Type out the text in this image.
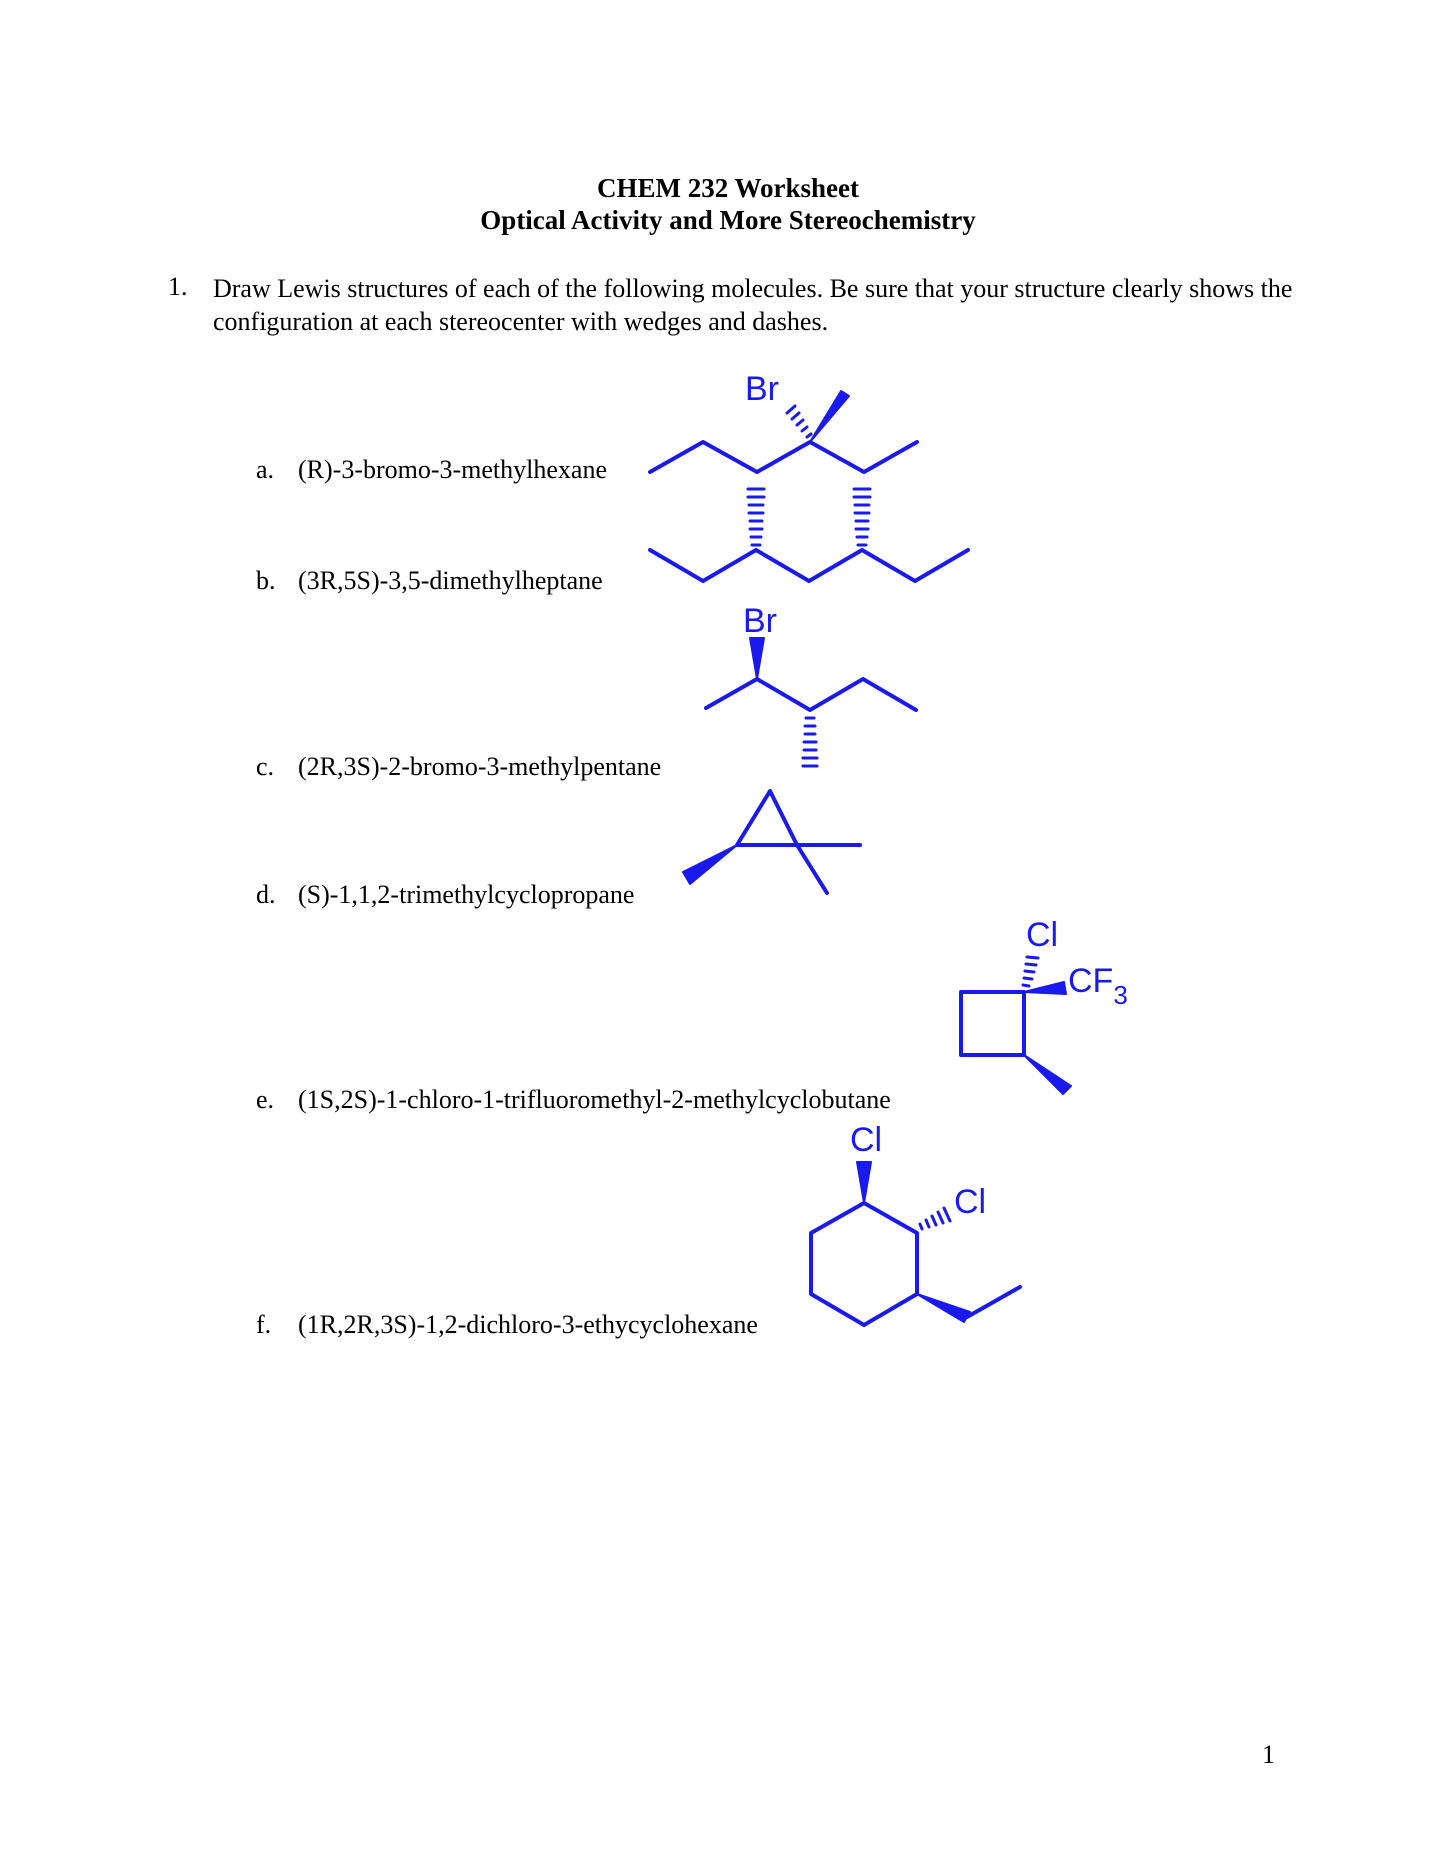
CHEM 232 Worksheet
Optical Activity and More Stereochemistry
1. Draw Lewis structures of each of the following molecules. Be sure that your structure clearly shows the configuration at each stereocenter with wedges and dashes.
a. (R)-3-bromo-3-methylhexane
b. (3R,5S)-3,5-dimethylheptane
c. (2R,3S)-2-bromo-3-methylpentane
d. (S)-1,1,2-trimethylcyclopropane
e. (1S,2S)-1-chloro-1-trifluoromethyl-2-methylcyclobutane
f. (1R,2R,3S)-1,2-dichloro-3-ethycyclohexane
Br
Br
Cl
$CF_3$
Cl
Cl
1
